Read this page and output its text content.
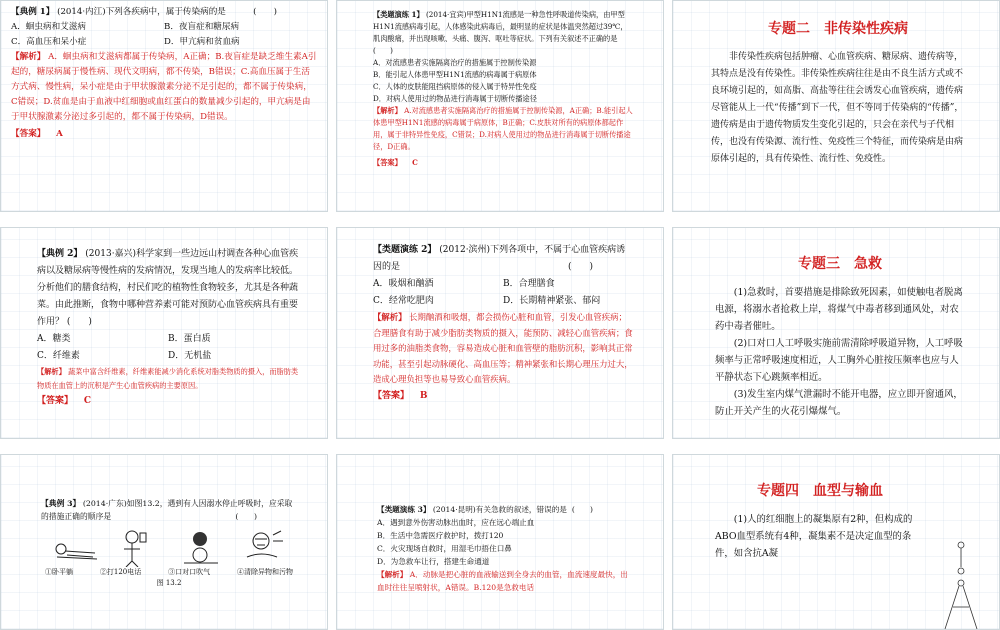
【典例 1】 (2014·内江)下列各疾病中，属于传染病的是	(　　)
A．蛔虫病和艾滋病	B．夜盲症和糖尿病
C．高血压和呆小症	D．甲亢病和贫血病
【解析】 A．蛔虫病和艾滋病都属于传染病，A正确；B.夜盲症是缺乏维生素A引起的，糖尿病属于慢性病、现代文明病，都不传染，B错误；C.高血压属于生活方式病、慢性病，呆小症是由于甲状腺激素分泌不足引起的，都不属于传染病，C错误；D.贫血是由于血液中红细胞或血红蛋白的数量减少引起的，甲亢病是由于甲状腺激素分泌过多引起的，都不属于传染病，D错误。
【答案】 A
【类题演练 1】 (2014·宜宾)甲型H1N1流感是一种急性呼吸道传染病，由甲型H1N1流感病毒引起，人体感染此病毒后，最明显的症状是体温突然超过39℃，肌肉酸痛，并出现咳嗽、头痛、腹泻、呕吐等症状。下列有关叙述不正确的是 (　　)
A．对流感患者实施隔离治疗的措施属于控制传染源
B．能引起人体患甲型H1N1流感的病毒属于病原体
C．人体的皮肤能阻挡病原体的侵入属于特异性免疫
D．对病人使用过的物品进行消毒属于切断传播途径
【解析】 A.对流感患者实施隔离治疗的措施属于控制传染源，A正确；B.能引起人体患甲型H1N1流感的病毒属于病原体，B正确；C.皮肤对所有的病原体都起作用，属于非特异性免疫，C错误；D.对病人使用过的物品进行消毒属于切断传播途径，D正确。
【答案】 C
专题二　非传染性疾病

非传染性疾病包括肿瘤、心血管疾病、糖尿病、遗传病等，其特点是没有传染性。非传染性疾病往往是由不良生活方式或不良环境引起的，如高脂、高盐等往往会诱发心血管疾病，遗传病尽管能从上一代“传播”到下一代，但不等同于传染病的“传播”，遗传病是由于遗传物质发生变化引起的，只会在亲代与子代相传，也没有传染源、流行性、免疫性三个特征，而传染病是由病原体引起的，具有传染性、流行性、免疫性。

【典例 2】 (2013·嘉兴)科学家到一些边远山村调查各种心血管疾病以及糖尿病等慢性病的发病情况，发现当地人的发病率比较低。分析他们的膳食结构，村民们吃的植物性食物较多，尤其是各种蔬菜。由此推断，食物中哪种营养素可能对预防心血管疾病具有重要作用？ (　　)
A．糖类	B．蛋白质
C．纤维素	D．无机盐
【解析】 蔬菜中富含纤维素，纤维素能减少消化系统对脂类物质的摄入，而脂肪类物质在血管上的沉积是产生心血管疾病的主要原因。
【答案】 C
【类题演练 2】 (2012·滨州)下列各项中，不属于心血管疾病诱因的是	(　　)
A．吸烟和酗酒	B．合理膳食
C．经常吃肥肉	D．长期精神紧张、郁闷
【解析】 长期酗酒和吸烟，都会损伤心脏和血管，引发心血管疾病；合理膳食有助于减少脂肪类物质的摄入，能预防、减轻心血管疾病；食用过多的油脂类食物，容易造成心脏和血管壁的脂肪沉积，影响其正常功能，甚至引起动脉硬化、高血压等；精神紧张和长期心理压力过大，造成心理负担等也易导致心血管疾病。
【答案】 B
专题三　急救

(1)急救时，首要措施是排除致死因素，如使触电者脱离电源，将溺水者抢救上岸，将煤气中毒者移到通风处，对农药中毒者催吐。

(2)口对口人工呼吸实施前需清除呼吸道异物，人工呼吸频率与正常呼吸速度相近，人工胸外心脏按压频率也应与人平静状态下心跳频率相近。

(3)发生室内煤气泄漏时不能开电器，应立即开窗通风，防止开关产生的火花引爆煤气。

【典例 3】 (2014·广东)如图13.2，遇到有人因溺水停止呼吸时，应采取的措施正确的顺序是	(　　)
①卧平躺	②打120电话	③口对口吹气	④清除异物和污物
图 13.2
【类题演练 3】 (2014·昆明)有关急救的叙述，错误的是 (　　)
A．遇到意外伤害动脉出血时，应在远心端止血
B．生活中急需医疗救护时，拨打120
C．火灾现场自救时，用湿毛巾捂住口鼻
D．为急救车让行，搭建生命通道
【解析】 A．动脉是把心脏的血液输送到全身去的血管，血流速度最快，出血时往往呈喷射状，A错误。B.120是急救电话
专题四　血型与输血

(1)人的红细胞上的凝集原有2种，但构成的ABO血型系统有4种，凝集素不是决定血型的条件，如含抗A凝
